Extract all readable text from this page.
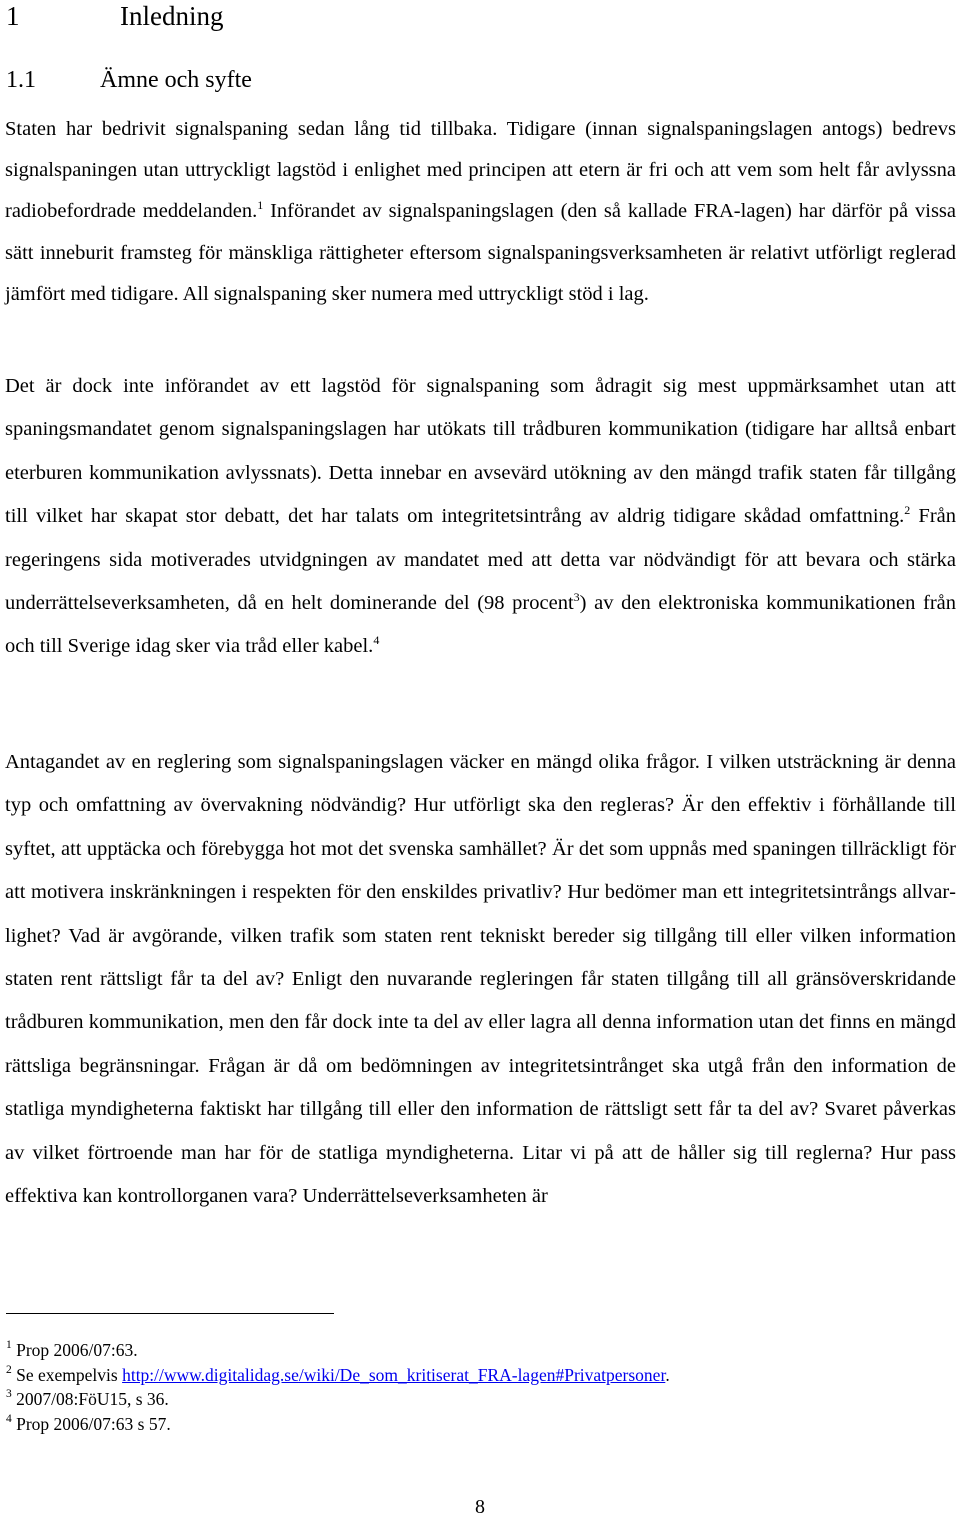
1	Inledning
1.1	Ämne och syfte

Staten har bedrivit signalspaning sedan lång tid tillbaka. Tidigare (innan signalspaningslagen antogs) bedrevs signalspaningen utan uttryckligt lagstöd i enlighet med principen att etern är fri och att vem som helt får avlyssna radiobefordrade meddelanden.$^1$ Införandet av signalspaningslagen (den så kallade FRA-lagen) har därför på vissa sätt inneburit framsteg för mänskliga rättigheter eftersom signalspaningsverksamheten är relativt utförligt reglerad jämfört med tidigare. All signalspaning sker numera med uttryckligt stöd i lag.

Det är dock inte införandet av ett lagstöd för signalspaning som ådragit sig mest uppmärksamhet utan att spaningsmandatet genom signalspaningslagen har utökats till trådburen kommunikation (tidigare har alltså enbart eterburen kommunikation avlyssnats). Detta innebar en avsevärd utökning av den mängd trafik staten får tillgång till vilket har skapat stor debatt, det har talats om integritetsintrång av aldrig tidigare skådad omfattning.$^2$ Från regeringens sida motiverades utvidgningen av mandatet med att detta var nödvändigt för att bevara och stärka underrättelseverksamheten, då en helt dominerande del (98 procent$^3$) av den elektroniska kommunikationen från och till Sverige idag sker via tråd eller kabel.$^4$

Antagandet av en reglering som signalspaningslagen väcker en mängd olika frågor. I vilken utsträckning är denna typ och omfattning av övervakning nödvändig? Hur utförligt ska den regleras? Är den effektiv i förhållande till syftet, att upptäcka och förebygga hot mot det svenska samhället? Är det som uppnås med spaningen tillräckligt för att motivera inskränkningen i respekten för den enskildes privatliv? Hur bedömer man ett integritetsintrångs allvarlighet? Vad är avgörande, vilken trafik som staten rent tekniskt bereder sig tillgång till eller vilken information staten rent rättsligt får ta del av? Enligt den nuvarande regleringen får staten tillgång till all gränsöverskridande trådburen kommunikation, men den får dock inte ta del av eller lagra all denna information utan det finns en mängd rättsliga begränsningar. Frågan är då om bedömningen av integritetsintrånget ska utgå från den information de statliga myndigheterna faktiskt har tillgång till eller den information de rättsligt sett får ta del av? Svaret påverkas av vilket förtroende man har för de statliga myndigheterna. Litar vi på att de håller sig till reglerna? Hur pass effektiva kan kontrollorganen vara? Underrättelseverksamheten är

$^1$ Prop 2006/07:63.
$^2$ Se exempelvis http://www.digitalidag.se/wiki/De_som_kritiserat_FRA-lagen#Privatpersoner.
$^3$ 2007/08:FöU15, s 36.
$^4$ Prop 2006/07:63 s 57.
8
